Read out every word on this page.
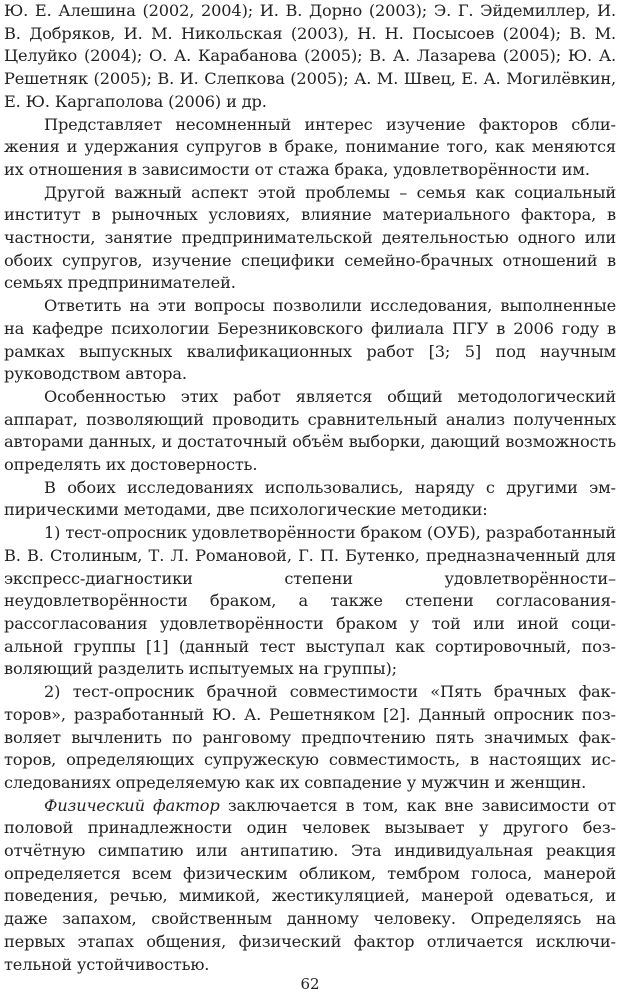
Ю. Е. Алешина (2002, 2004); И. В. Дорно (2003); Э. Г. Эйдемиллер, И. В. Добряков, И. М. Никольская (2003), Н. Н. Посысоев (2004); В. М. Целуйко (2004); О. А. Карабанова (2005); В. А. Лазарева (2005); Ю. А. Решетняк (2005); В. И. Слепкова (2005); А. М. Швец, Е. А. Могилёвкин, Е. Ю. Каргаполова (2006) и др.

Представляет несомненный интерес изучение факторов сближения и удержания супругов в браке, понимание того, как меняются их отношения в зависимости от стажа брака, удовлетворённости им.

Другой важный аспект этой проблемы – семья как социальный институт в рыночных условиях, влияние материального фактора, в частности, занятие предпринимательской деятельностью одного или обоих супругов, изучение специфики семейно-брачных отношений в семьях предпринимателей.

Ответить на эти вопросы позволили исследования, выполненные на кафедре психологии Березниковского филиала ПГУ в 2006 году в рамках выпускных квалификационных работ [3; 5] под научным руководством автора.

Особенностью этих работ является общий методологический аппарат, позволяющий проводить сравнительный анализ полученных авторами данных, и достаточный объём выборки, дающий возможность определять их достоверность.

В обоих исследованиях использовались, наряду с другими эмпирическими методами, две психологические методики:

1) тест-опросник удовлетворённости браком (ОУБ), разработанный В. В. Столиным, Т. Л. Романовой, Г. П. Бутенко, предназначенный для экспресс-диагностики степени удовлетворённости–неудовлетворённости браком, а также степени согласования-рассогласования удовлетворённости браком у той или иной социальной группы [1] (данный тест выступал как сортировочный, позволяющий разделить испытуемых на группы);

2) тест-опросник брачной совместимости «Пять брачных факторов», разработанный Ю. А. Решетняком [2]. Данный опросник позволяет вычленить по ранговому предпочтению пять значимых факторов, определяющих супружескую совместимость, в настоящих исследованиях определяемую как их совпадение у мужчин и женщин.

Физический фактор заключается в том, как вне зависимости от половой принадлежности один человек вызывает у другого безотчётную симпатию или антипатию. Эта индивидуальная реакция определяется всем физическим обликом, тембром голоса, манерой поведения, речью, мимикой, жестикуляцией, манерой одеваться, и даже запахом, свойственным данному человеку. Определяясь на первых этапах общения, физический фактор отличается исключительной устойчивостью.

62
